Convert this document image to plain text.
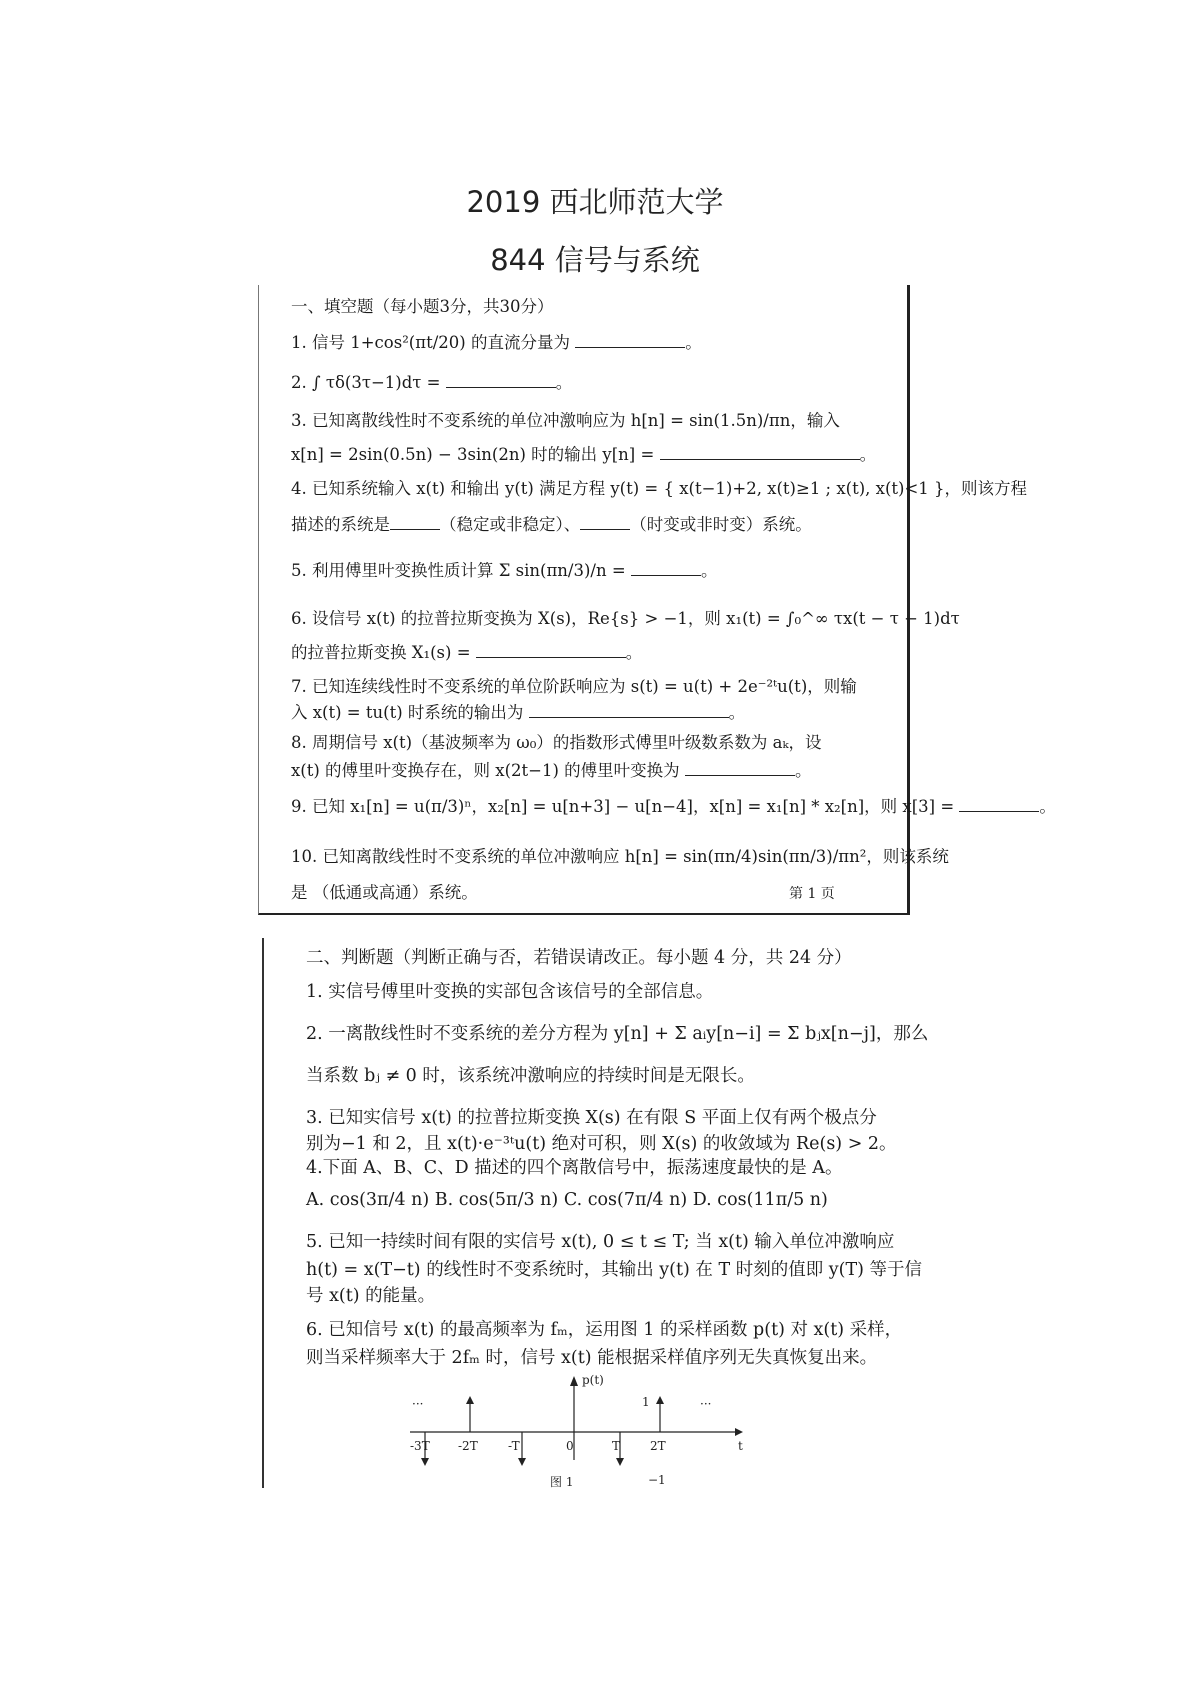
2019 西北师范大学
844 信号与系统
一、填空题（每小题3分，共30分）
1. 信号 1+cos²(πt/20) 的直流分量为	。
2. ∫ τδ(3τ−1)dτ =	。
3. 已知离散线性时不变系统的单位冲激响应为 h[n] = sin(1.5n)/πn，输入
x[n] = 2sin(0.5n) − 3sin(2n) 时的输出 y[n] =	。
4. 已知系统输入 x(t) 和输出 y(t) 满足方程 y(t) = { x(t−1)+2, x(t)≥1 ; x(t), x(t)<1 }，则该方程
描述的系统是	（稳定或非稳定）、	（时变或非时变）系统。
5. 利用傅里叶变换性质计算 Σ sin(πn/3)/n =	。
6. 设信号 x(t) 的拉普拉斯变换为 X(s)，Re{s} > −1，则 x₁(t) = ∫₀^∞ τx(t − τ − 1)dτ
的拉普拉斯变换 X₁(s) =	。
7. 已知连续线性时不变系统的单位阶跃响应为 s(t) = u(t) + 2e⁻²ᵗu(t)，则输
入 x(t) = tu(t) 时系统的输出为	。
8. 周期信号 x(t)（基波频率为 ω₀）的指数形式傅里叶级数系数为 aₖ，设
x(t) 的傅里叶变换存在，则 x(2t−1) 的傅里叶变换为	。
9. 已知 x₁[n] = u(π/3)ⁿ，x₂[n] = u[n+3] − u[n−4]，x[n] = x₁[n] * x₂[n]，则 x[3] =	。
10. 已知离散线性时不变系统的单位冲激响应 h[n] = sin(πn/4)sin(πn/3)/πn²，则该系统
是 （低通或高通）系统。	第 1 页
二、判断题（判断正确与否，若错误请改正。每小题 4 分，共 24 分）
1. 实信号傅里叶变换的实部包含该信号的全部信息。
2. 一离散线性时不变系统的差分方程为 y[n] + Σ aᵢy[n−i] = Σ bⱼx[n−j]，那么
当系数 bⱼ ≠ 0 时，该系统冲激响应的持续时间是无限长。
3. 已知实信号 x(t) 的拉普拉斯变换 X(s) 在有限 S 平面上仅有两个极点分
别为−1 和 2，且 x(t)·e⁻³ᵗu(t) 绝对可积，则 X(s) 的收敛域为 Re(s) > 2。
4.下面 A、B、C、D 描述的四个离散信号中，振荡速度最快的是 A。
A. cos(3π/4 n) B. cos(5π/3 n) C. cos(7π/4 n) D. cos(11π/5 n)
5. 已知一持续时间有限的实信号 x(t), 0 ≤ t ≤ T; 当 x(t) 输入单位冲激响应
h(t) = x(T−t) 的线性时不变系统时，其输出 y(t) 在 T 时刻的值即 y(T) 等于信
号 x(t) 的能量。
6. 已知信号 x(t) 的最高频率为 fₘ，运用图 1 的采样函数 p(t) 对 x(t) 采样，
则当采样频率大于 2fₘ 时，信号 x(t) 能根据采样值序列无失真恢复出来。
p(t)
t
-3T -2T	-T	0	T 2T
···	···
1
−1
图 1
